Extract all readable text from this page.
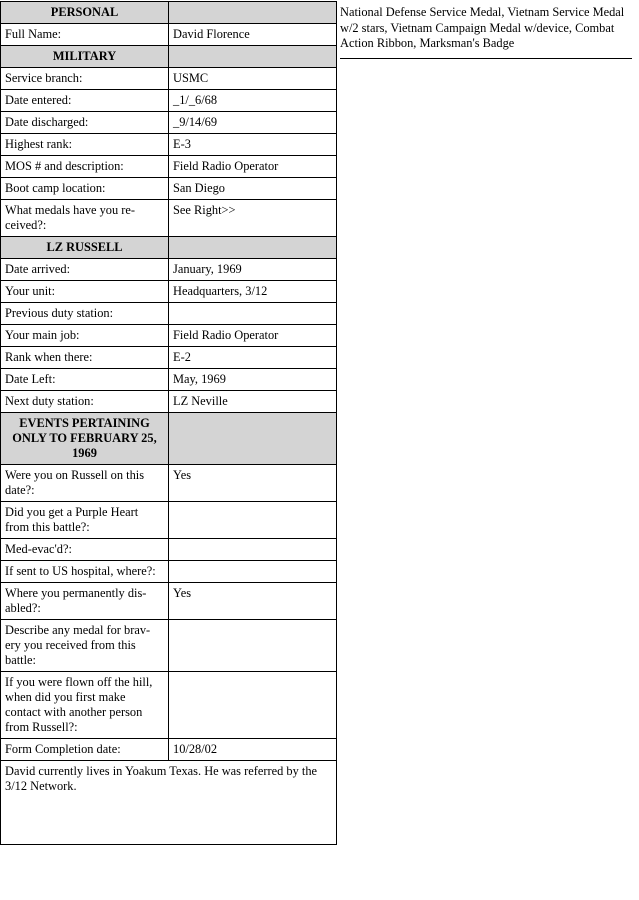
PERSONAL	
Full Name:	David Florence
MILITARY	
Service branch:	USMC
Date entered:	_1/_6/68
Date discharged:	_9/14/69
Highest rank:	E-3
MOS # and description:	Field Radio Operator
Boot camp location:	San Diego
What medals have you re-ceived?:	See Right>>
LZ RUSSELL	
Date arrived:	January, 1969
Your unit:	Headquarters, 3/12
Previous duty station:	
Your main job:	Field Radio Operator
Rank when there:	E-2
Date Left:	May, 1969
Next duty station:	LZ Neville
EVENTS PERTAINING ONLY TO FEBRUARY 25, 1969	
Were you on Russell on this date?:	Yes
Did you get a Purple Heart from this battle?:	
Med-evac'd?:	
If sent to US hospital, where?:	
Where you permanently dis-abled?:	Yes
Describe any medal for brav-ery you received from this battle:	
If you were flown off the hill, when did you first make contact with another person from Russell?:	
Form Completion date:	10/28/02
David currently lives in Yoakum Texas. He was referred by the 3/12 Network.	
National Defense Service Medal, Vietnam Service Medal w/2 stars, Vietnam Campaign Medal w/device, Combat Action Ribbon, Marksman's Badge
